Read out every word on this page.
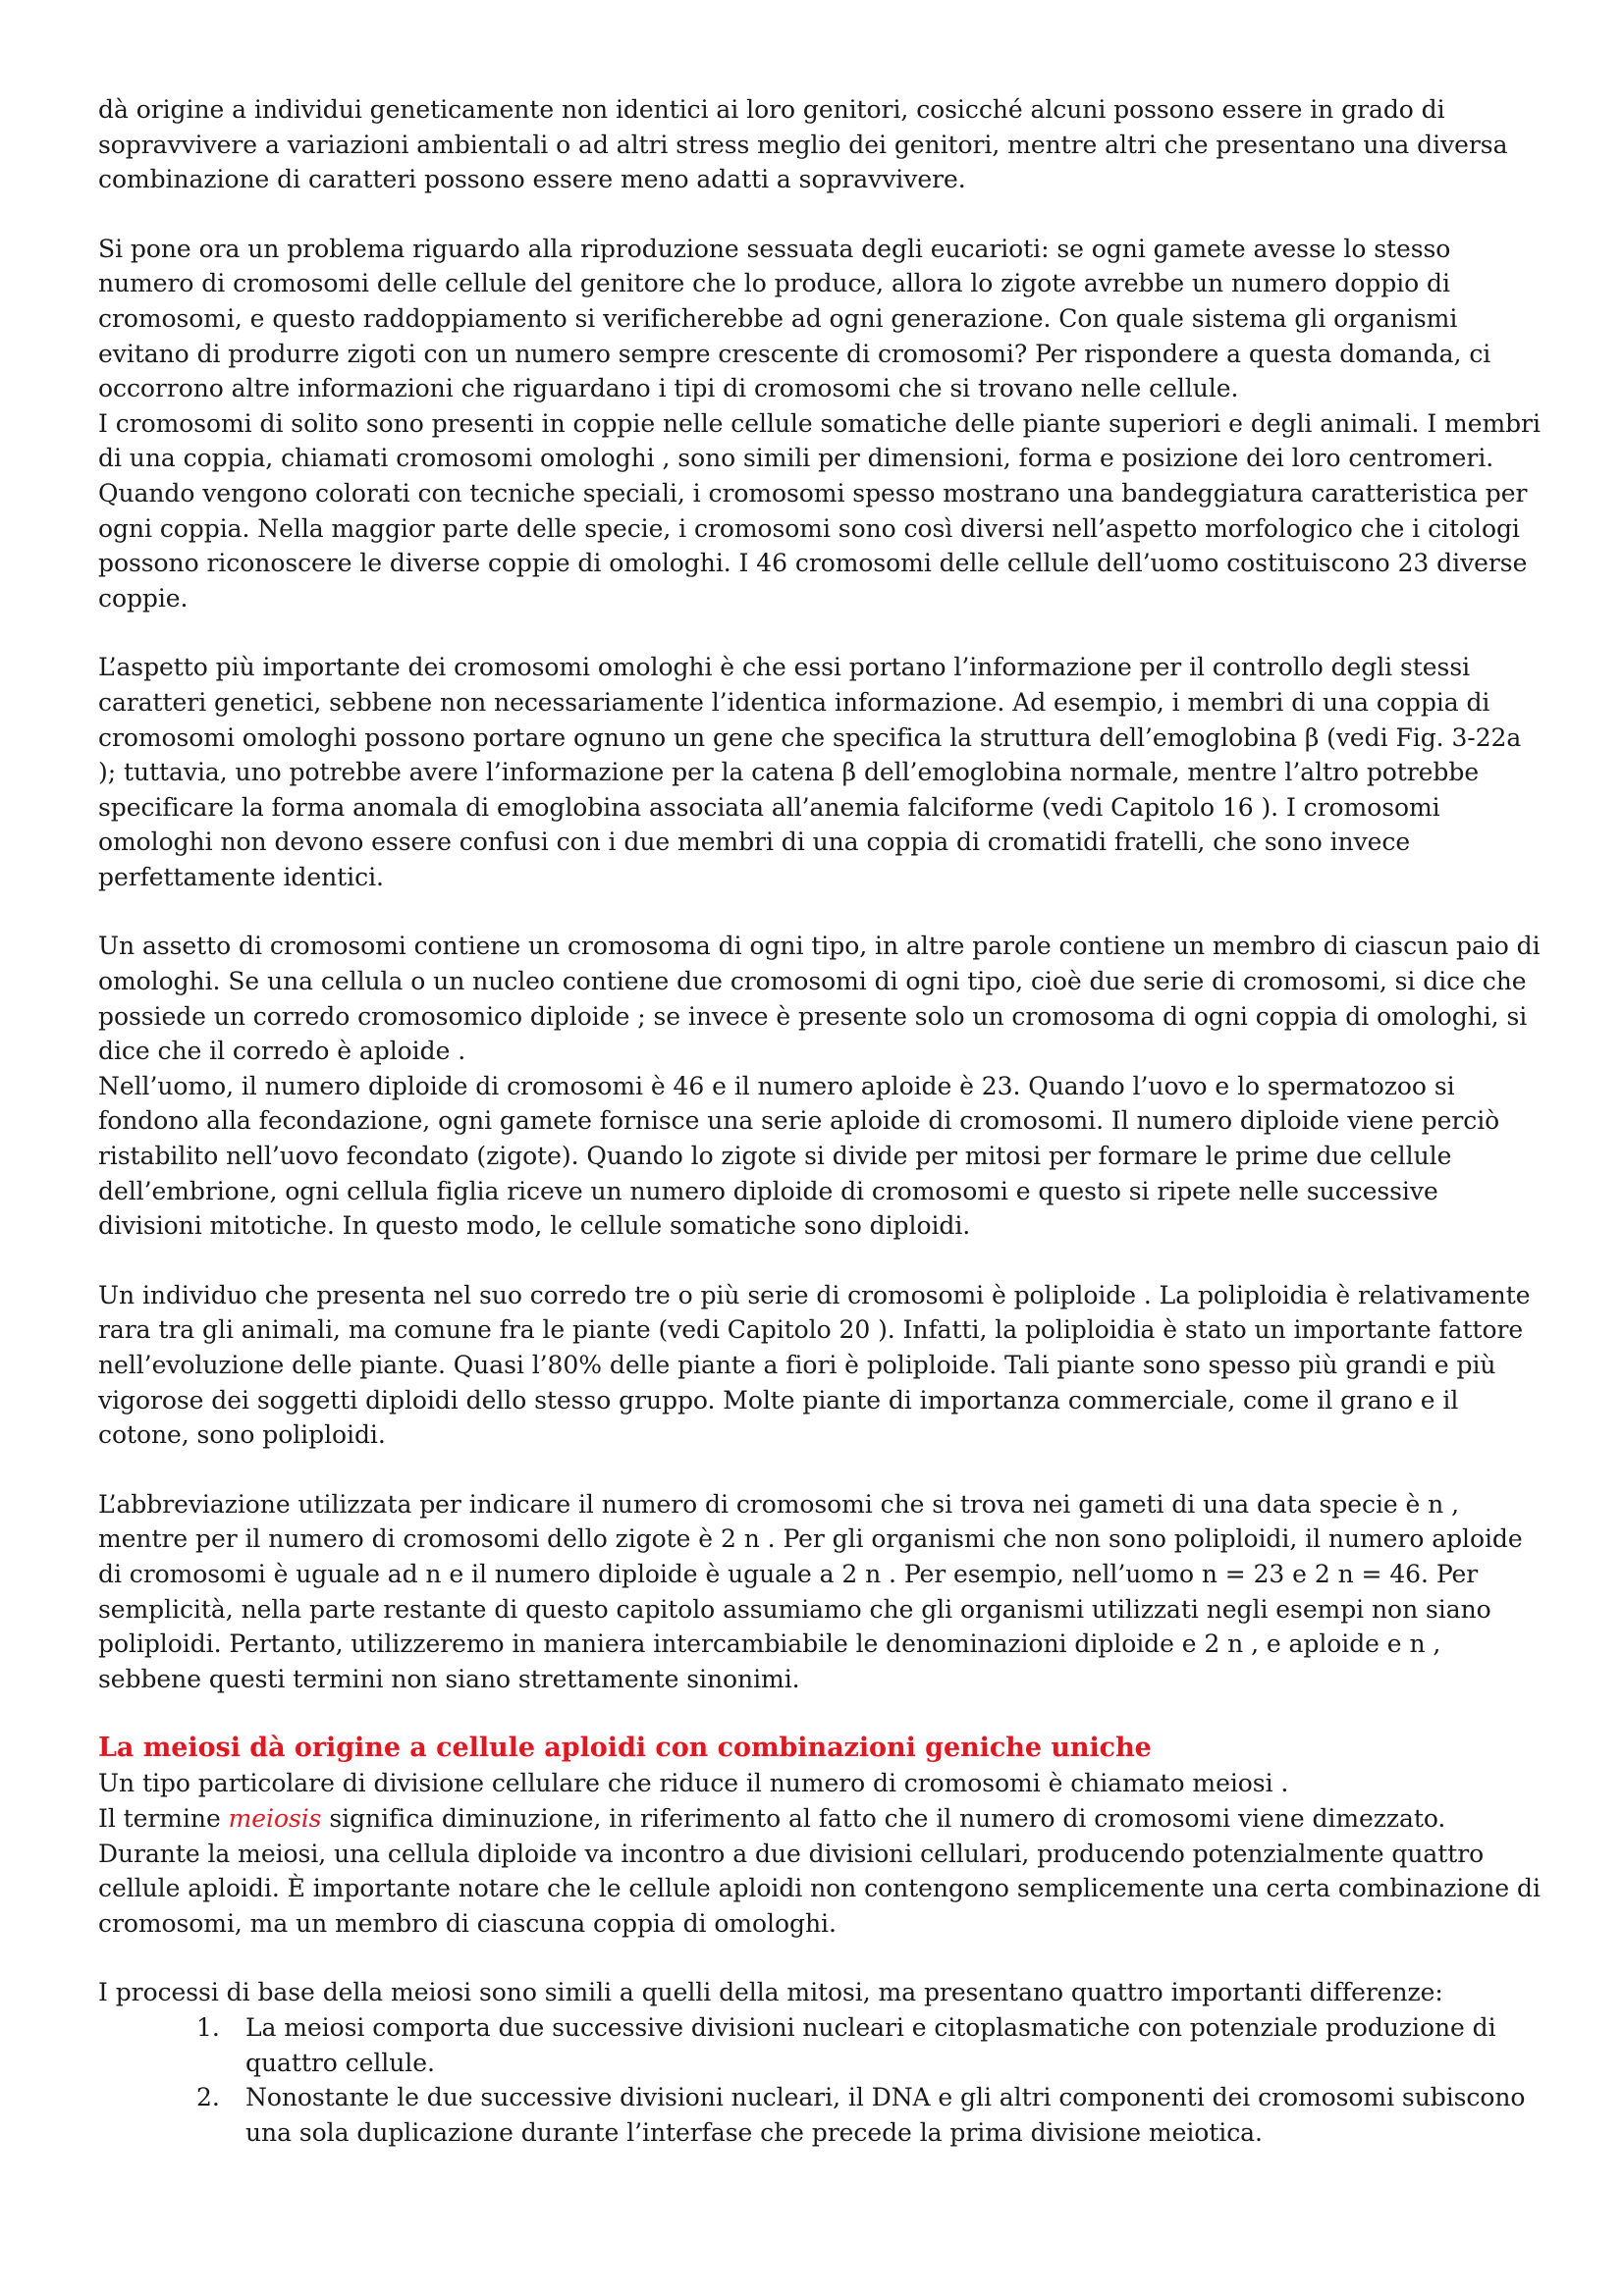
dà origine a individui geneticamente non identici ai loro genitori, cosicché alcuni possono essere in grado di sopravvivere a variazioni ambientali o ad altri stress meglio dei genitori, mentre altri che presentano una diversa combinazione di caratteri possono essere meno adatti a sopravvivere.

Si pone ora un problema riguardo alla riproduzione sessuata degli eucarioti: se ogni gamete avesse lo stesso numero di cromosomi delle cellule del genitore che lo produce, allora lo zigote avrebbe un numero doppio di cromosomi, e questo raddoppiamento si verificherebbe ad ogni generazione. Con quale sistema gli organismi evitano di produrre zigoti con un numero sempre crescente di cromosomi? Per rispondere a questa domanda, ci occorrono altre informazioni che riguardano i tipi di cromosomi che si trovano nelle cellule.

I cromosomi di solito sono presenti in coppie nelle cellule somatiche delle piante superiori e degli animali. I membri di una coppia, chiamati cromosomi omologhi , sono simili per dimensioni, forma e posizione dei loro centromeri. Quando vengono colorati con tecniche speciali, i cromosomi spesso mostrano una bandeggiatura caratteristica per ogni coppia. Nella maggior parte delle specie, i cromosomi sono così diversi nell’aspetto morfologico che i citologi possono riconoscere le diverse coppie di omologhi. I 46 cromosomi delle cellule dell’uomo costituiscono 23 diverse coppie.

L’aspetto più importante dei cromosomi omologhi è che essi portano l’informazione per il controllo degli stessi caratteri genetici, sebbene non necessariamente l’identica informazione. Ad esempio, i membri di una coppia di cromosomi omologhi possono portare ognuno un gene che specifica la struttura dell’emoglobina β (vedi Fig. 3-22a ); tuttavia, uno potrebbe avere l’informazione per la catena β dell’emoglobina normale, mentre l’altro potrebbe specificare la forma anomala di emoglobina associata all’anemia falciforme (vedi Capitolo 16 ). I cromosomi omologhi non devono essere confusi con i due membri di una coppia di cromatidi fratelli, che sono invece perfettamente identici.

Un assetto di cromosomi contiene un cromosoma di ogni tipo, in altre parole contiene un membro di ciascun paio di omologhi. Se una cellula o un nucleo contiene due cromosomi di ogni tipo, cioè due serie di cromosomi, si dice che possiede un corredo cromosomico diploide ; se invece è presente solo un cromosoma di ogni coppia di omologhi, si dice che il corredo è aploide .

Nell’uomo, il numero diploide di cromosomi è 46 e il numero aploide è 23. Quando l’uovo e lo spermatozoo si fondono alla fecondazione, ogni gamete fornisce una serie aploide di cromosomi. Il numero diploide viene perciò ristabilito nell’uovo fecondato (zigote). Quando lo zigote si divide per mitosi per formare le prime due cellule dell’embrione, ogni cellula figlia riceve un numero diploide di cromosomi e questo si ripete nelle successive divisioni mitotiche. In questo modo, le cellule somatiche sono diploidi.

Un individuo che presenta nel suo corredo tre o più serie di cromosomi è poliploide . La poliploidia è relativamente rara tra gli animali, ma comune fra le piante (vedi Capitolo 20 ). Infatti, la poliploidia è stato un importante fattore nell’evoluzione delle piante. Quasi l’80% delle piante a fiori è poliploide. Tali piante sono spesso più grandi e più vigorose dei soggetti diploidi dello stesso gruppo. Molte piante di importanza commerciale, come il grano e il cotone, sono poliploidi.

L’abbreviazione utilizzata per indicare il numero di cromosomi che si trova nei gameti di una data specie è n , mentre per il numero di cromosomi dello zigote è 2 n . Per gli organismi che non sono poliploidi, il numero aploide di cromosomi è uguale ad n e il numero diploide è uguale a 2 n . Per esempio, nell’uomo n = 23 e 2 n = 46. Per semplicità, nella parte restante di questo capitolo assumiamo che gli organismi utilizzati negli esempi non siano poliploidi. Pertanto, utilizzeremo in maniera intercambiabile le denominazioni diploide e 2 n , e aploide e n , sebbene questi termini non siano strettamente sinonimi.

La meiosi dà origine a cellule aploidi con combinazioni geniche uniche

Un tipo particolare di divisione cellulare che riduce il numero di cromosomi è chiamato meiosi .

Il termine meiosis significa diminuzione, in riferimento al fatto che il numero di cromosomi viene dimezzato. Durante la meiosi, una cellula diploide va incontro a due divisioni cellulari, producendo potenzialmente quattro cellule aploidi. È importante notare che le cellule aploidi non contengono semplicemente una certa combinazione di cromosomi, ma un membro di ciascuna coppia di omologhi.

I processi di base della meiosi sono simili a quelli della mitosi, ma presentano quattro importanti differenze:

1. La meiosi comporta due successive divisioni nucleari e citoplasmatiche con potenziale produzione di quattro cellule.
2. Nonostante le due successive divisioni nucleari, il DNA e gli altri componenti dei cromosomi subiscono una sola duplicazione durante l’interfase che precede la prima divisione meiotica.
